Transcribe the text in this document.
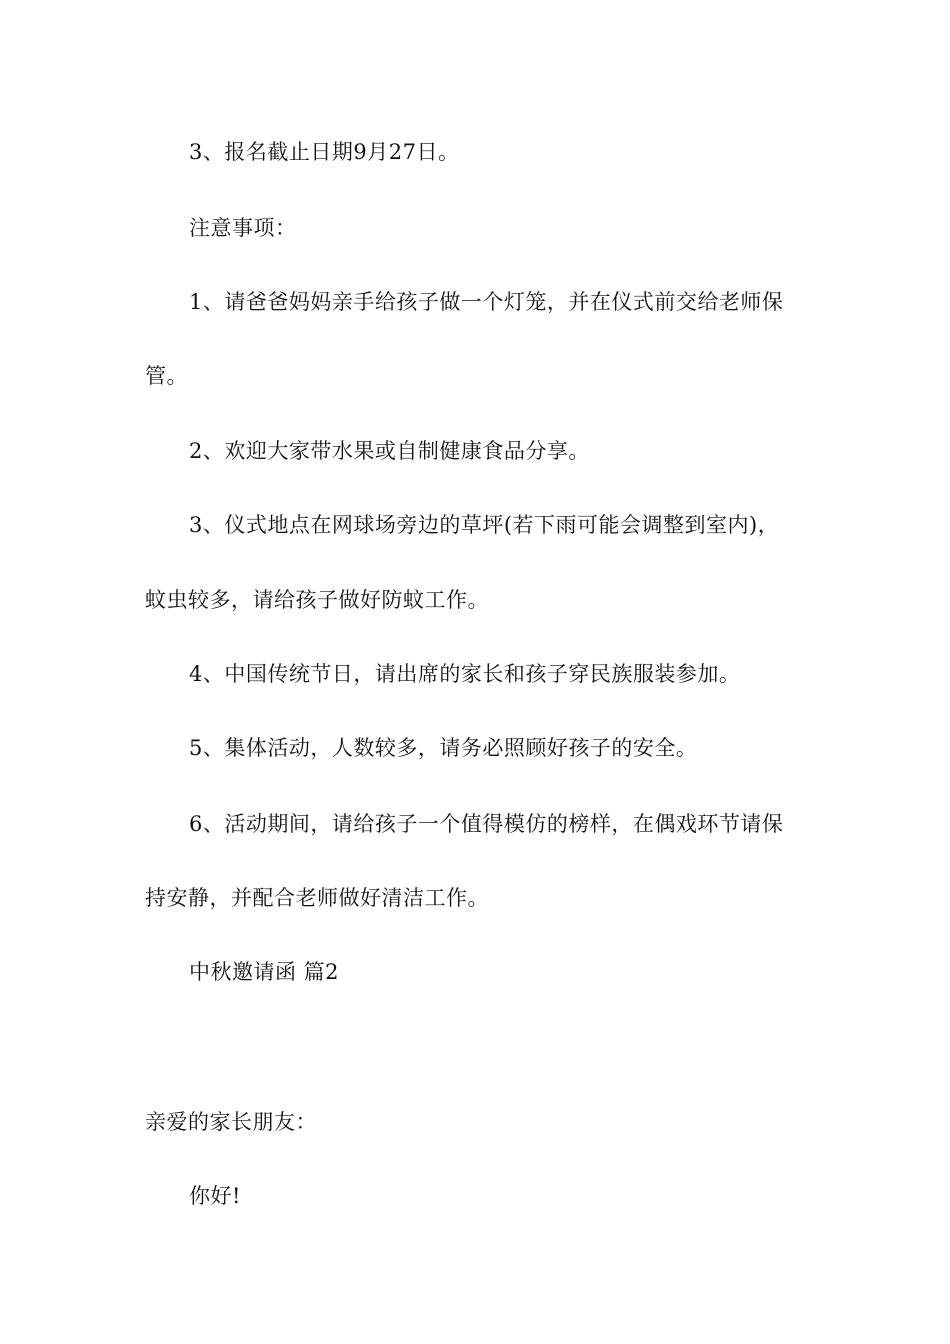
3、报名截止日期9月27日。

注意事项：

1、请爸爸妈妈亲手给孩子做一个灯笼，并在仪式前交给老师保

管。

2、欢迎大家带水果或自制健康食品分享。

3、仪式地点在网球场旁边的草坪(若下雨可能会调整到室内)，

蚊虫较多，请给孩子做好防蚊工作。

4、中国传统节日，请出席的家长和孩子穿民族服装参加。

5、集体活动，人数较多，请务必照顾好孩子的安全。

6、活动期间，请给孩子一个值得模仿的榜样，在偶戏环节请保

持安静，并配合老师做好清洁工作。

中秋邀请函 篇2

亲爱的家长朋友：

你好!
